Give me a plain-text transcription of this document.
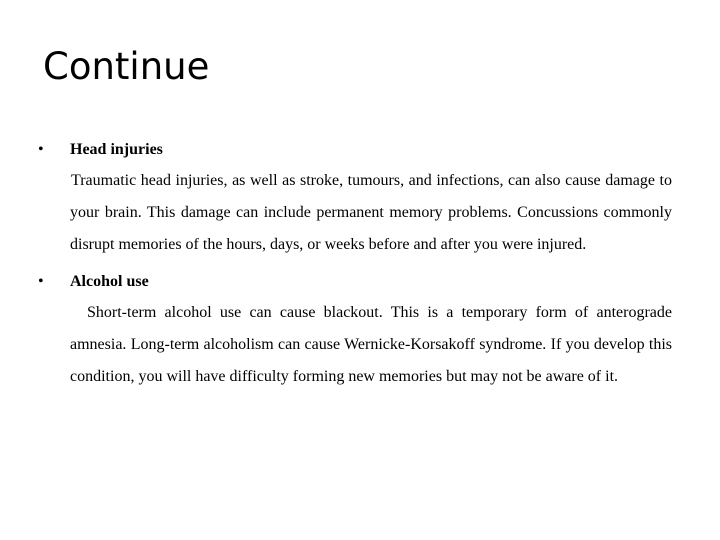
Continue
• Head injuries

Traumatic head injuries, as well as stroke, tumours, and infections, can also cause damage to your brain. This damage can include permanent memory problems. Concussions commonly disrupt memories of the hours, days, or weeks before and after you were injured.

• Alcohol use

Short-term alcohol use can cause blackout. This is a temporary form of anterograde amnesia. Long-term alcoholism can cause Wernicke-Korsakoff syndrome. If you develop this condition, you will have difficulty forming new memories but may not be aware of it.
